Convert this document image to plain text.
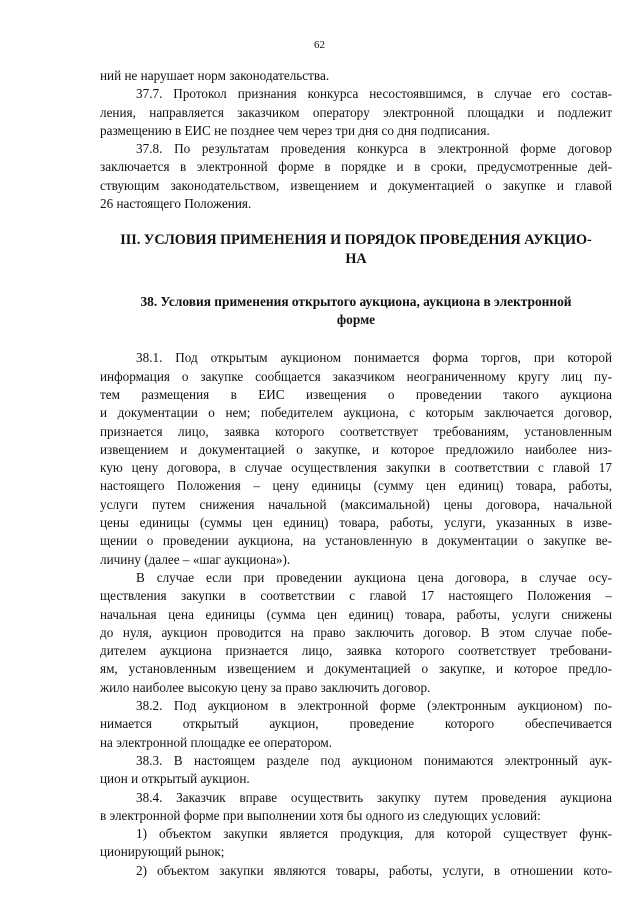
62

ний не нарушает норм законодательства.

37.7. Протокол признания конкурса несостоявшимся, в случае его состав-
ления, направляется заказчиком оператору электронной площадки и подлежит
размещению в ЕИС не позднее чем через три дня со дня подписания.

37.8. По результатам проведения конкурса в электронной форме договор
заключается в электронной форме в порядке и в сроки, предусмотренные дей-
ствующим законодательством, извещением и документацией о закупке и главой
26 настоящего Положения.

III. УСЛОВИЯ ПРИМЕНЕНИЯ И ПОРЯДОК ПРОВЕДЕНИЯ АУКЦИО-
НА
38. Условия применения открытого аукциона, аукциона в электронной
форме

38.1. Под открытым аукционом понимается форма торгов, при которой
информация о закупке сообщается заказчиком неограниченному кругу лиц пу-
тем размещения в ЕИС извещения о проведении такого аукциона
и документации о нем; победителем аукциона, с которым заключается договор,
признается лицо, заявка которого соответствует требованиям, установленным
извещением и документацией о закупке, и которое предложило наиболее низ-
кую цену договора, в случае осуществления закупки в соответствии с главой 17
настоящего Положения – цену единицы (сумму цен единиц) товара, работы,
услуги путем снижения начальной (максимальной) цены договора, начальной
цены единицы (суммы цен единиц) товара, работы, услуги, указанных в изве-
щении о проведении аукциона, на установленную в документации о закупке ве-
личину (далее – «шаг аукциона»).

В случае если при проведении аукциона цена договора, в случае осу-
ществления закупки в соответствии с главой 17 настоящего Положения –
начальная цена единицы (сумма цен единиц) товара, работы, услуги снижены
до нуля, аукцион проводится на право заключить договор. В этом случае побе-
дителем аукциона признается лицо, заявка которого соответствует требовани-
ям, установленным извещением и документацией о закупке, и которое предло-
жило наиболее высокую цену за право заключить договор.

38.2. Под аукционом в электронной форме (электронным аукционом) по-
нимается открытый аукцион, проведение которого обеспечивается
на электронной площадке ее оператором.

38.3. В настоящем разделе под аукционом понимаются электронный аук-
цион и открытый аукцион.

38.4. Заказчик вправе осуществить закупку путем проведения аукциона
в электронной форме при выполнении хотя бы одного из следующих условий:

1) объектом закупки является продукция, для которой существует функ-
ционирующий рынок;

2) объектом закупки являются товары, работы, услуги, в отношении кото-
